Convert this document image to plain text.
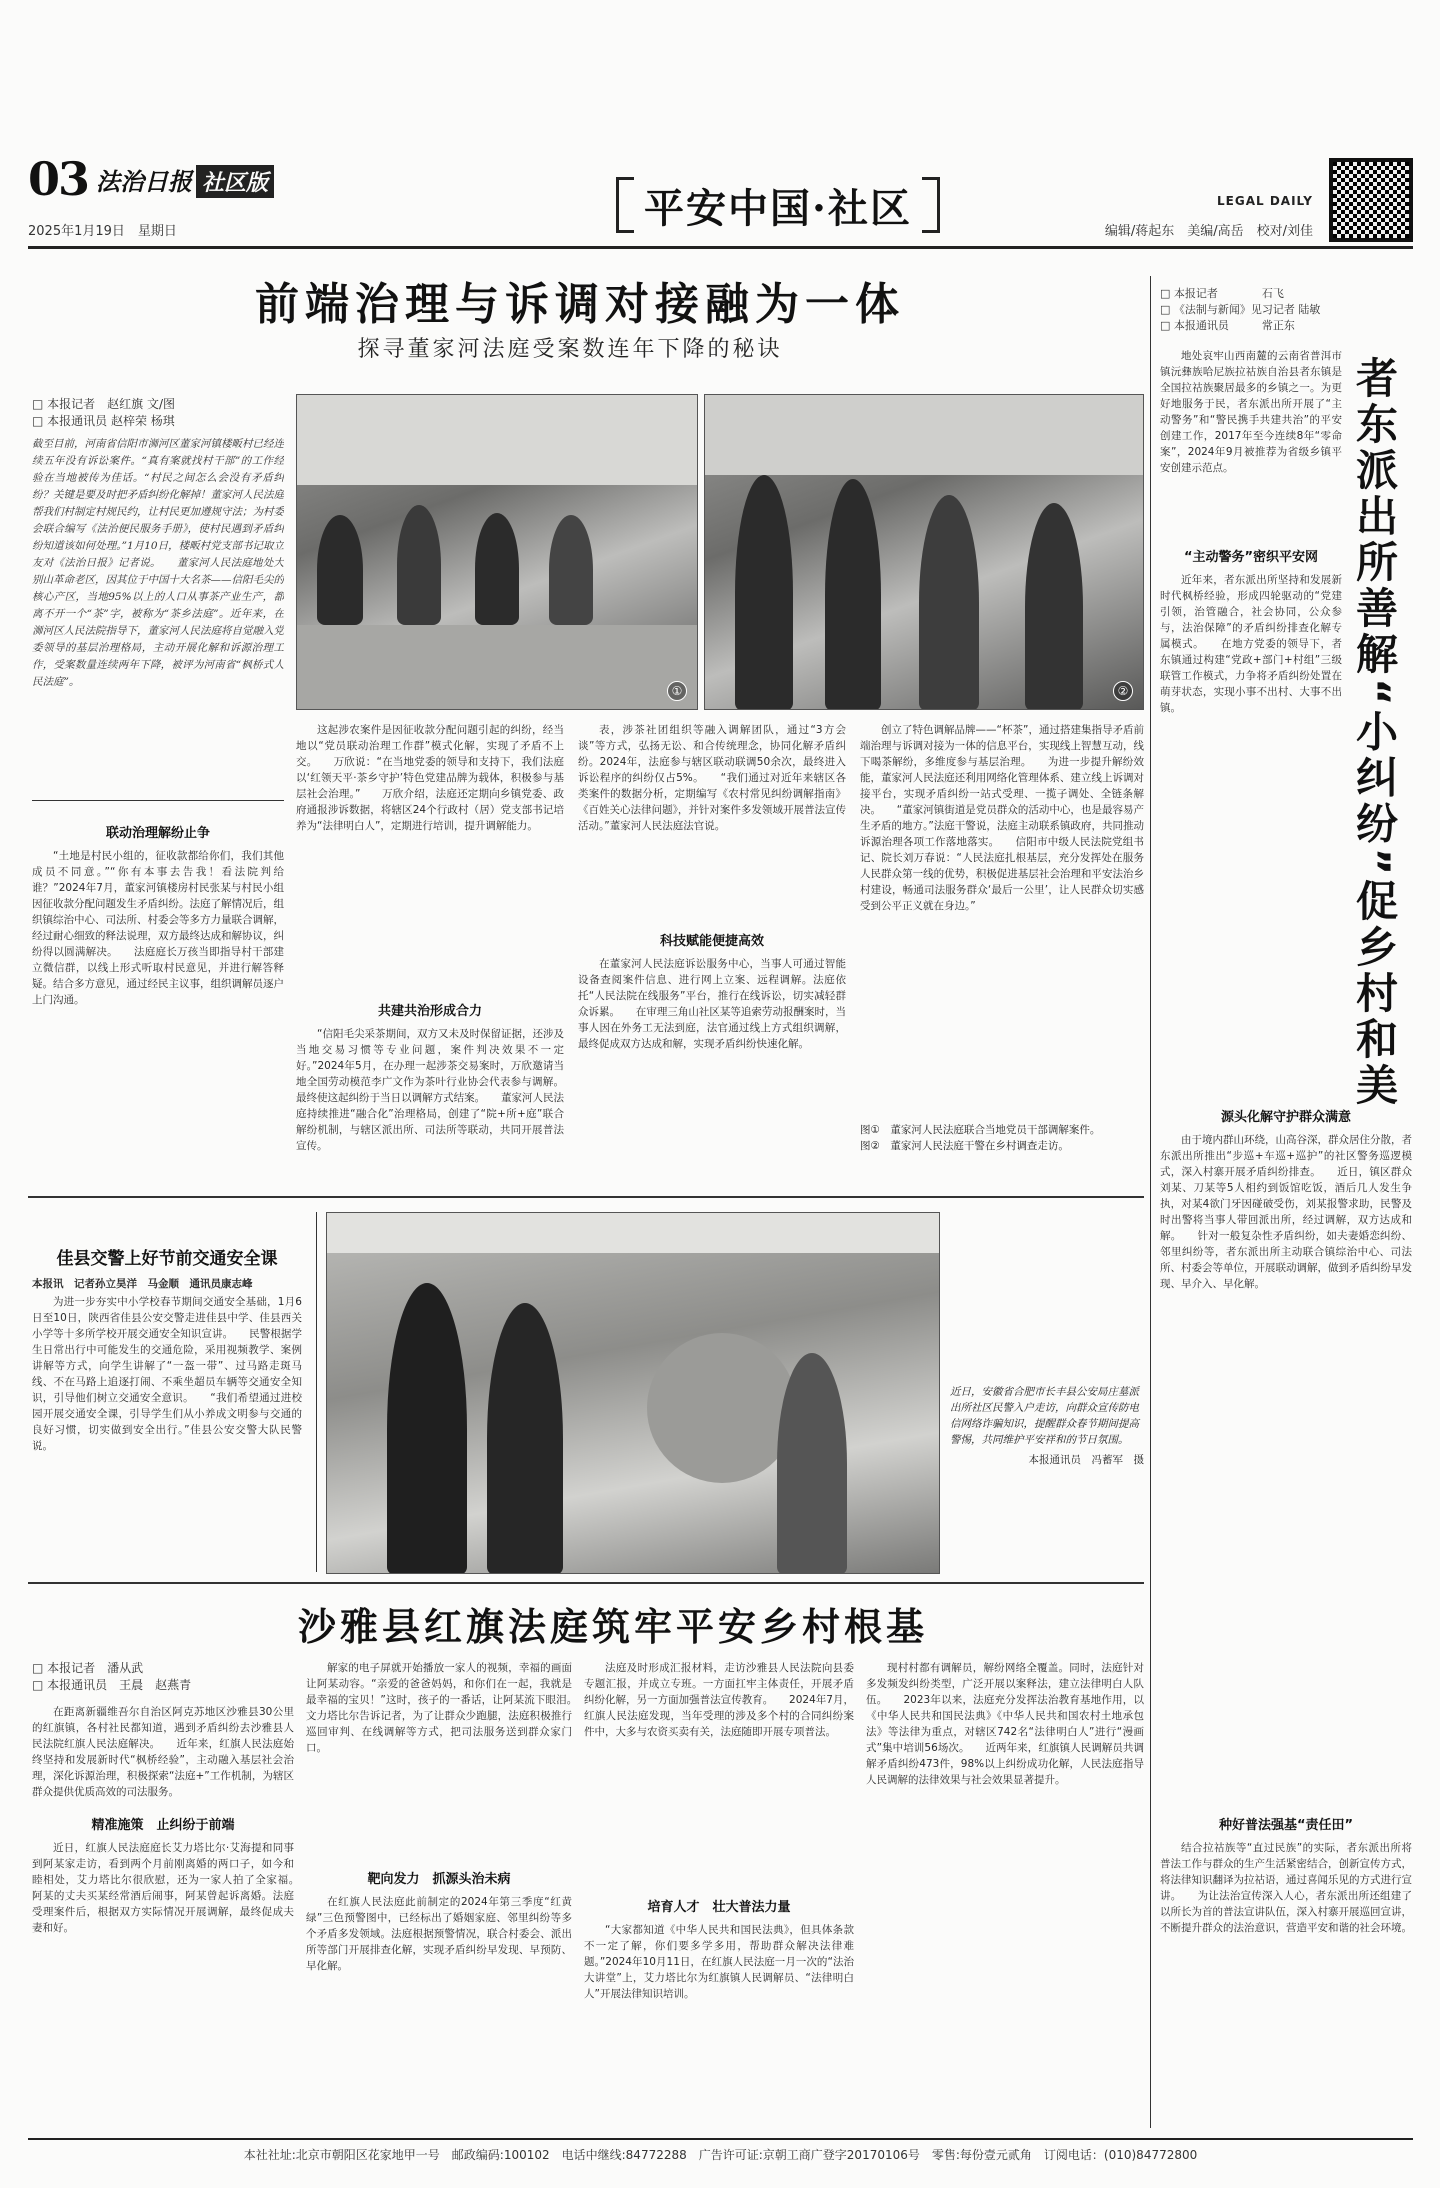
03 法治日报 社区版
2025年1月19日　星期日	平安中国·社区	LEGAL DAILY
编辑/蒋起东　美编/高岳　校对/刘佳
前端治理与诉调对接融为一体
探寻董家河法庭受案数连年下降的秘诀
□ 本报记者　赵红旗 文/图
□ 本报通讯员 赵梓荣 杨琪
①	②
截至目前，河南省信阳市浉河区董家河镇楼畈村已经连续五年没有诉讼案件。“真有案就找村干部”的工作经验在当地被传为佳话。“村民之间怎么会没有矛盾纠纷？关键是要及时把矛盾纠纷化解掉！董家河人民法庭帮我们村制定村规民约，让村民更加遵规守法；为村委会联合编写《法治便民服务手册》，使村民遇到矛盾纠纷知道该如何处理。”1月10日，楼畈村党支部书记取立友对《法治日报》记者说。　　董家河人民法庭地处大别山革命老区，因其位于中国十大名茶——信阳毛尖的核心产区，当地95%以上的人口从事茶产业生产，都离不开一个“茶”字，被称为“茶乡法庭”。近年来，在浉河区人民法院指导下，董家河人民法庭将自觉融入党委领导的基层治理格局，主动开展化解和诉源治理工作，受案数量连续两年下降，被评为河南省“枫桥式人民法庭”。
联动治理解纷止争

“土地是村民小组的，征收款都给你们，我们其他成员不同意。”“你有本事去告我！看法院判给谁？”2024年7月，董家河镇楼房村民张某与村民小组因征收款分配问题发生矛盾纠纷。法庭了解情况后，组织镇综治中心、司法所、村委会等多方力量联合调解，经过耐心细致的释法说理，双方最终达成和解协议，纠纷得以圆满解决。　　法庭庭长万孩当即指导村干部建立微信群，以线上形式听取村民意见，并进行解答释疑。结合多方意见，通过经民主议事，组织调解员逐户上门沟通。

这起涉农案件是因征收款分配问题引起的纠纷，经当地以“党员联动治理工作群”模式化解，实现了矛盾不上交。　　万欣说：“在当地党委的领导和支持下，我们法庭以‘红领天平·茶乡守护’特色党建品牌为载体，积极参与基层社会治理。”　　万欣介绍，法庭还定期向乡镇党委、政府通报涉诉数据，将辖区24个行政村（居）党支部书记培养为“法律明白人”，定期进行培训，提升调解能力。

共建共治形成合力

“信阳毛尖采茶期间，双方又未及时保留证据，还涉及当地交易习惯等专业问题，案件判决效果不一定好。”2024年5月，在办理一起涉茶交易案时，万欣邀请当地全国劳动模范李广文作为茶叶行业协会代表参与调解。最终使这起纠纷于当日以调解方式结案。　　董家河人民法庭持续推进“融合化”治理格局，创建了“院+所+庭”联合解纷机制，与辖区派出所、司法所等联动，共同开展普法宣传。

表，涉茶社团组织等融入调解团队，通过“3方会谈”等方式，弘扬无讼、和合传统理念，协同化解矛盾纠纷。2024年，法庭参与辖区联动联调50余次，最终进入诉讼程序的纠纷仅占5%。　　“我们通过对近年来辖区各类案件的数据分析，定期编写《农村常见纠纷调解指南》《百姓关心法律问题》，并针对案件多发领域开展普法宣传活动。”董家河人民法庭法官说。

科技赋能便捷高效

在董家河人民法庭诉讼服务中心，当事人可通过智能设备查阅案件信息、进行网上立案、远程调解。法庭依托“人民法院在线服务”平台，推行在线诉讼，切实减轻群众诉累。　　在审理三角山社区某等追索劳动报酬案时，当事人因在外务工无法到庭，法官通过线上方式组织调解，最终促成双方达成和解，实现矛盾纠纷快速化解。

创立了特色调解品牌——“杯茶”，通过搭建集指导矛盾前端治理与诉调对接为一体的信息平台，实现线上智慧互动，线下喝茶解纷，多维度参与基层治理。　　为进一步提升解纷效能，董家河人民法庭还利用网络化管理体系、建立线上诉调对接平台，实现矛盾纠纷一站式受理、一揽子调处、全链条解决。　　“董家河镇街道是党员群众的活动中心，也是最容易产生矛盾的地方。”法庭干警说，法庭主动联系镇政府，共同推动诉源治理各项工作落地落实。　　信阳市中级人民法院党组书记、院长刘万春说：“人民法庭扎根基层，充分发挥处在服务人民群众第一线的优势，积极促进基层社会治理和平安法治乡村建设，畅通司法服务群众‘最后一公里’，让人民群众切实感受到公平正义就在身边。”

图①　董家河人民法庭联合当地党员干部调解案件。
图②　董家河人民法庭干警在乡村调查走访。
佳县交警上好节前交通安全课
本报讯　记者孙立昊洋　马金顺　通讯员康志峰

为进一步夯实中小学校春节期间交通安全基础，1月6日至10日，陕西省佳县公安交警走进佳县中学、佳县西关小学等十多所学校开展交通安全知识宣讲。　　民警根据学生日常出行中可能发生的交通危险，采用视频教学、案例讲解等方式，向学生讲解了“一盔一带”、过马路走斑马线、不在马路上追逐打闹、不乘坐超员车辆等交通安全知识，引导他们树立交通安全意识。　　“我们希望通过进校园开展交通安全课，引导学生们从小养成文明参与交通的良好习惯，切实做到安全出行。”佳县公安交警大队民警说。

近日，安徽省合肥市长丰县公安局庄墓派出所社区民警入户走访，向群众宣传防电信网络诈骗知识，提醒群众春节期间提高警惕，共同维护平安祥和的节日氛围。
本报通讯员　冯蓄军　摄
沙雅县红旗法庭筑牢平安乡村根基
□ 本报记者　潘从武
□ 本报通讯员　王晨　赵燕青

在距离新疆维吾尔自治区阿克苏地区沙雅县30公里的红旗镇，各村社民都知道，遇到矛盾纠纷去沙雅县人民法院红旗人民法庭解决。　　近年来，红旗人民法庭始终坚持和发展新时代“枫桥经验”，主动融入基层社会治理，深化诉源治理，积极探索“法庭+”工作机制，为辖区群众提供优质高效的司法服务。

精准施策　止纠纷于前端

近日，红旗人民法庭庭长艾力塔比尔·艾海提和同事到阿某家走访，看到两个月前刚离婚的两口子，如今和睦相处，艾力塔比尔很欣慰，还为一家人拍了全家福。　　阿某的丈夫买某经常酒后闹事，阿某曾起诉离婚。法庭受理案件后，根据双方实际情况开展调解，最终促成夫妻和好。

解家的电子屏就开始播放一家人的视频，幸福的画面让阿某动容。“亲爱的爸爸妈妈，和你们在一起，我就是最幸福的宝贝！”这时，孩子的一番话，让阿某流下眼泪。　　文力塔比尔告诉记者，为了让群众少跑腿，法庭积极推行巡回审判、在线调解等方式，把司法服务送到群众家门口。

靶向发力　抓源头治未病

在红旗人民法庭此前制定的2024年第三季度“红黄绿”三色预警图中，已经标出了婚姻家庭、邻里纠纷等多个矛盾多发领域。法庭根据预警情况，联合村委会、派出所等部门开展排查化解，实现矛盾纠纷早发现、早预防、早化解。

法庭及时形成汇报材料，走访沙雅县人民法院向县委专题汇报，并成立专班。一方面扛牢主体责任，开展矛盾纠纷化解，另一方面加强普法宣传教育。　　2024年7月，红旗人民法庭发现，当年受理的涉及多个村的合同纠纷案件中，大多与农资买卖有关，法庭随即开展专项普法。

培育人才　壮大普法力量

“大家都知道《中华人民共和国民法典》，但具体条款不一定了解，你们要多学多用，帮助群众解决法律难题。”2024年10月11日，在红旗人民法庭一月一次的“法治大讲堂”上，艾力塔比尔为红旗镇人民调解员、“法律明白人”开展法律知识培训。

现村村都有调解员，解纷网络全覆盖。同时，法庭针对多发频发纠纷类型，广泛开展以案释法，建立法律明白人队伍。　　2023年以来，法庭充分发挥法治教育基地作用，以《中华人民共和国民法典》《中华人民共和国农村土地承包法》等法律为重点，对辖区742名“法律明白人”进行“漫画式”集中培训56场次。　　近两年来，红旗镇人民调解员共调解矛盾纠纷473件，98%以上纠纷成功化解，人民法庭指导人民调解的法律效果与社会效果显著提升。

□ 本报记者　　　　石飞
□ 《法制与新闻》见习记者 陆敏
□ 本报通讯员　　　常正东
者东派出所善解“小纠纷”促乡村和美

地处哀牢山西南麓的云南省普洱市镇沅彝族哈尼族拉祜族自治县者东镇是全国拉祜族聚居最多的乡镇之一。为更好地服务于民，者东派出所开展了“主动警务”和“警民携手共建共治”的平安创建工作，2017年至今连续8年“零命案”，2024年9月被推荐为省级乡镇平安创建示范点。

“主动警务”密织平安网

近年来，者东派出所坚持和发展新时代枫桥经验，形成四轮驱动的“党建引领，治管融合，社会协同，公众参与，法治保障”的矛盾纠纷排查化解专属模式。　　在地方党委的领导下，者东镇通过构建“党政+部门+村组”三级联管工作模式，力争将矛盾纠纷处置在萌芽状态，实现小事不出村、大事不出镇。

源头化解守护群众满意

由于境内群山环绕，山高谷深，群众居住分散，者东派出所推出“步巡+车巡+巡护”的社区警务巡逻模式，深入村寨开展矛盾纠纷排查。　　近日，镇区群众刘某、刀某等5人相约到饭馆吃饭，酒后几人发生争执，对某4欲门牙因碰破受伤，刘某报警求助，民警及时出警将当事人带回派出所，经过调解，双方达成和解。　　针对一般复杂性矛盾纠纷，如夫妻婚恋纠纷、邻里纠纷等，者东派出所主动联合镇综治中心、司法所、村委会等单位，开展联动调解，做到矛盾纠纷早发现、早介入、早化解。

种好普法强基“责任田”

结合拉祜族等“直过民族”的实际，者东派出所将普法工作与群众的生产生活紧密结合，创新宣传方式，将法律知识翻译为拉祜语，通过喜闻乐见的方式进行宣讲。　　为让法治宣传深入人心，者东派出所还组建了以所长为首的普法宣讲队伍，深入村寨开展巡回宣讲，不断提升群众的法治意识，营造平安和谐的社会环境。

本社社址:北京市朝阳区花家地甲一号　邮政编码:100102　电话中继线:84772288　广告许可证:京朝工商广登字20170106号　零售:每份壹元贰角　订阅电话：(010)84772800
